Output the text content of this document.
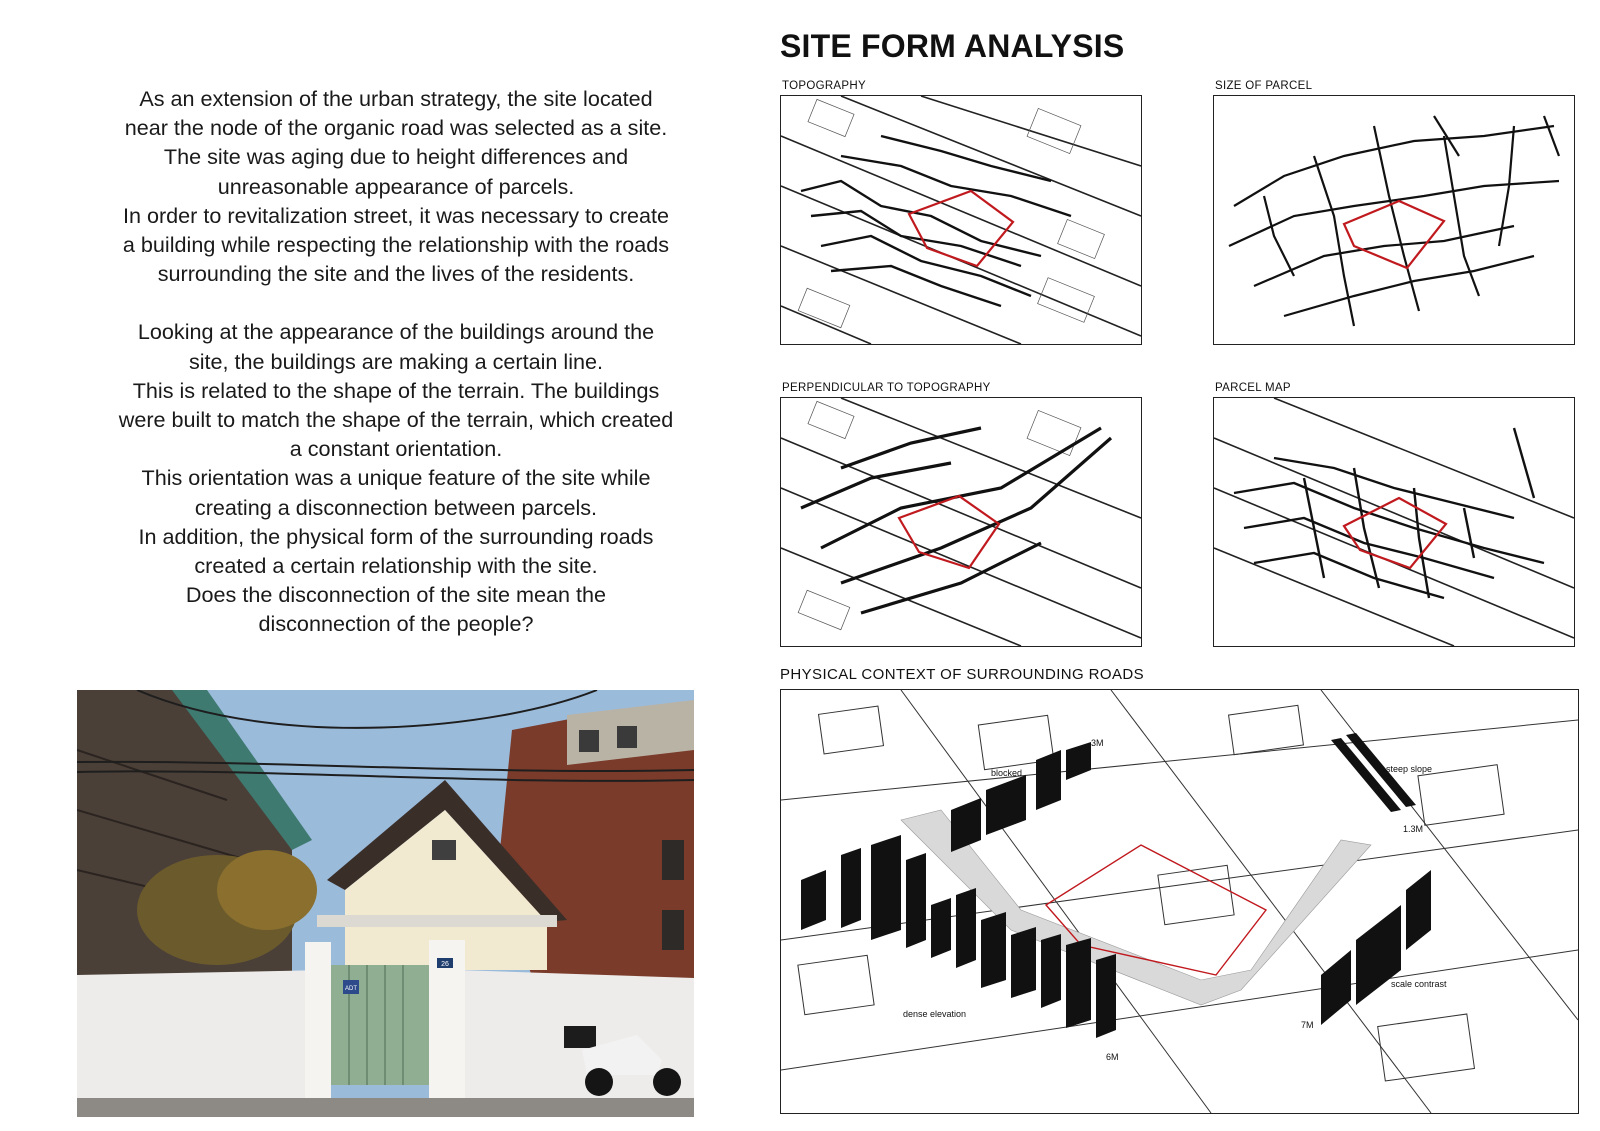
As an extension of the urban strategy, the site located

near the node of the organic road was selected as a site.

The site was aging due to height differences and

unreasonable appearance of parcels.

In order to revitalization street, it was necessary to create

a building while respecting the relationship with the roads

surrounding the site and the lives of the residents.

Looking at the appearance of the buildings around the

site, the buildings are making a certain line.

This is related to the shape of the terrain. The buildings

were built to match the shape of the terrain, which created

a constant orientation.

This orientation was a unique feature of the site while

creating a disconnection between parcels.

In addition, the physical form of the surrounding roads

created a certain relationship with the site.

Does the disconnection of the site mean the

disconnection of the people?

ADT
26
SITE FORM ANALYSIS
TOPOGRAPHY	SIZE OF PARCEL
PERPENDICULAR TO TOPOGRAPHY	PARCEL MAP
PHYSICAL CONTEXT OF SURROUNDING ROADS
blocked
3M
steep slope
1.3M
scale contrast
7M
dense elevation
6M
